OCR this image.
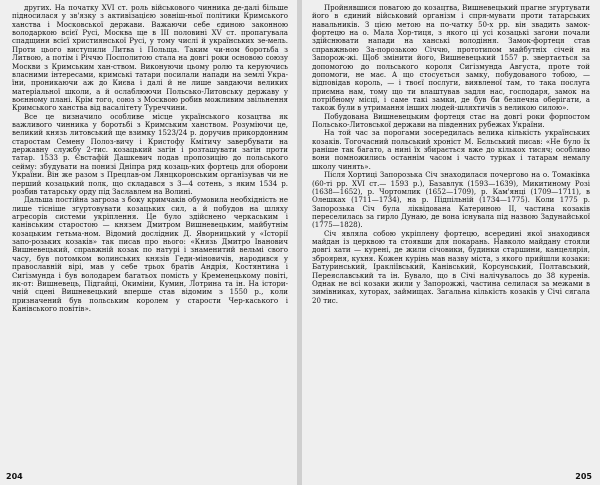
других. На початку XVI ст. роль військового чинника де-далі більше підносилася у зв'язку з активізацією зовніш-ньої політики Кримського ханства і Московської держави. Важаючи себе єдиною законною володаркою всієї Русі, Москва ще в III половині XV ст. пропагувала спадщини всієї християнської Русі, у тому числі й українських зе-мель. Проти цього виступили Литва і Польща. Таким чи-ном боротьба з Литвою, а потім і Річчю Посполитою стала на довгі роки основою союзу Москви з Кримським хан-ством. Виконуючи цьому ролю та керуючись власними інтересами, кримські татари посилали напади на землі Укра-їни, проникаючи аж до Києва і далі й не лише завдаючи великих матеріальної школи, а й ослаблюючи Польсько-Литовську державу у воєнному плані. Крім того, союз з Москвою робив можливим звільнення Кримського ханства від васалітету Туреччини.

Все це визначило особливе місце українського козацтва як важливого чинника у боротьбі з Кримським ханством. Розуміючи це, великий князь литовський ще взимку 1523/24 р. доручив прикордонним старостам Семену Полоз-вичу і Кристофу Кмітичу завербувати на державну службу 2-тис. козацький загін і розташувати загін проти татар. 1533 р. Євстафій Дашкевич подав пропозицію до польського сейму: збудувати на понизі Дніпра ряд козаць-ких фортець для оборони України. Він же разом з Прецлав-ом Лянцкоронським організував чи не перший козацький полк, що складався з 3—4 сотень, з яким 1534 р. розбив татарську орду під Заславлем на Волині.

Дальша постійна загроза з боку кримчаків обумовила необхідність не лише тісніше згуртовувати козацьких сил, а й побудов на шляху агресорів системи укріплення. Це було здійснено черкаським і канівським старостою — князем Дмитром Вишневецьким, майбутнім козацьким гетьма-ном. Відомий дослідник Д. Яворницький у «Історії запо-розьких козаків» так писав про нього: «Князь Дмитро Іванович Вишневецький, справжній козак по натурі і знаменитий вельмі свого часу, був потомком волинських князів Геди-міновичів, народився у православній вірі, мав у себе трьох братів Андрія, Костянтина і Сигізмунда і був володарем багатьох помість у Кременецькому повіті, як-от: Вишневець, Підгайці, Окиміни, Кумин, Лотрина та ін. На істори-чній сцені Вишневецький вперше став відомим з 1550 р., коли призначений був польським королем у старости Чер-каського і Канівського повітів».

204

Пройнявшися повагою до козацтва, Вишневецький прагне згуртувати його в єдиний військовий організм і спря-мувати проти татарських навальників. З цією метою на по-чатку 50-х рр. він звадить замок-фортецю на о. Мала Хор-тиця, з якого ці усі козацькі загони почали здійснювати напади на ханські володіння. Замок-фортеця став справжньою За-порозькою Січчю, прототипом майбутніх січей на Запорож-жі. Щоб змінити його, Вишневецький 1557 р. звертається за допомогою до польського короля Сигізмунда Августа, проте той допомоги, не має. А що стосується замку, побудованого тобою, — відповідав король, — і твоєї послуги, виявленої там, то така послуга приємна нам, тому що ти влаштував задля нас, господаря, замок на потрібному місці, і саме такі замки, де був би безпечна оберігати, а також були в утримання інших людей-шляхтичів з великою силою».

Побудована Вишневецьким фортеця стає на довгі роки форпостом Польсько-Литовської держави на південних рубежах України.

На той час за порогами зосередилась велика кількість українських козаків. Тогочасний польський хроніст М. Бєльський писав: «Не було їх раніше так багато, а нині їх збирається вже до кількох тисяч; особливо вони помножились останнім часом і часто турках і татарам немалу школу чинять».

Після Хортиці Запорозька Січ знаходилася почергово на о. Томаківка (60-ті рр. XVI ст.— 1593 р.), Базавлук (1593—1639), Микитиному Розі (1638—1652), р. Чортомлик (1652—1709), р. Кам'янці (1709—1711), в Олешках (1711—1734), на р. Підпільній (1734—1775). Коли 1775 р. Запорозька Січ була ліквідована Катериною II, частина козаків переселилась за гирло Дунаю, де вона існувала під назвою Задунайської (1775—1828).

Січ являла собою укріплену фортецю, всередині якої знаходився майдан із церквою та стоявши для покарань. Навколо майдану стояли довгі хати — курені, де жили січовики, будинки старшини, канцелярія, зброярня, кухня. Кожен курінь мав назву міста, з якого прийшли козаки: Батуринський, Іракліївський, Канівський, Корсунський, Полтавський, Переяславський та ін. Бувало, що в Січі налічувалось до 38 куренів. Однак не всі козаки жили у Запорожжі, частина селилася за межами в зимівниках, хуторах, займищах. Загальна кількість козаків у Січі сягала 20 тис.

205
